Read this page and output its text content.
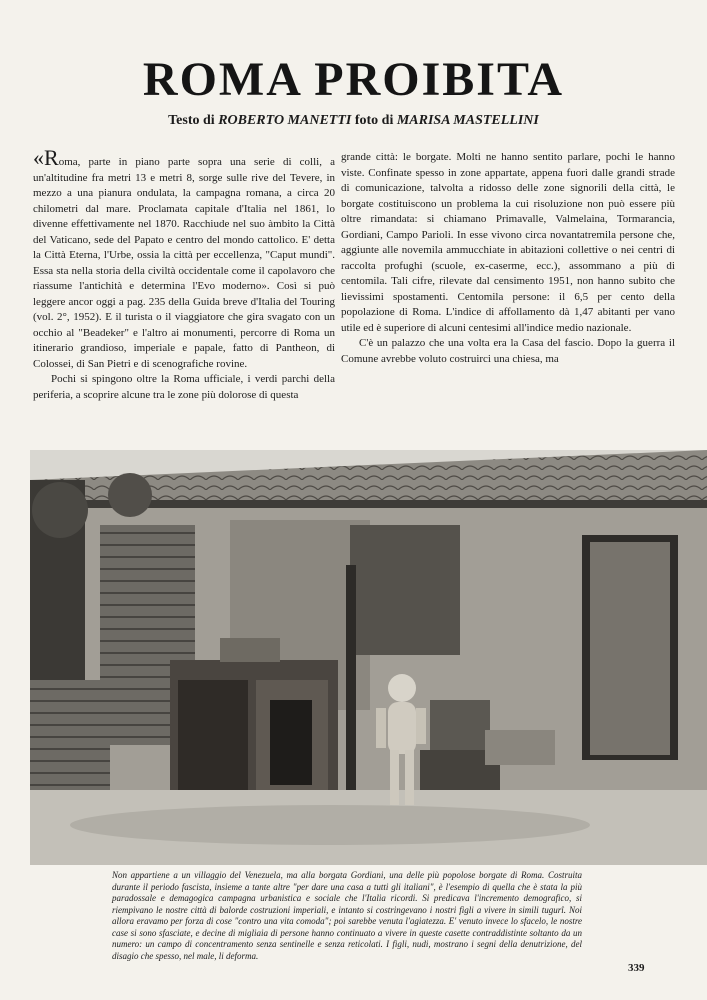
ROMA PROIBITA
Testo di ROBERTO MANETTI foto di MARISA MASTELLINI

«Roma, parte in piano parte sopra una serie di colli, a un'altitudine fra metri 13 e metri 8, sorge sulle rive del Tevere, in mezzo a una pianura ondulata, la campagna romana, a circa 20 chilometri dal mare. Proclamata capitale d'Italia nel 1861, lo divenne effettivamente nel 1870. Racchiude nel suo àmbito la Città del Vaticano, sede del Papato e centro del mondo cattolico. E' detta la Città Eterna, l'Urbe, ossia la città per eccellenza, "Caput mundi". Essa sta nella storia della civiltà occidentale come il capolavoro che riassume l'antichità e determina l'Evo moderno». Così si può leggere ancor oggi a pag. 235 della Guida breve d'Italia del Touring (vol. 2°, 1952). E il turista o il viaggiatore che gira svagato con un occhio al "Beadeker" e l'altro ai monumenti, percorre di Roma un itinerario grandioso, imperiale e papale, fatto di Pantheon, di Colossei, di San Pietri e di scenografiche rovine.

Pochi si spingono oltre la Roma ufficiale, i verdi parchi della periferia, a scoprire alcune tra le zone più dolorose di questa

grande città: le borgate. Molti ne hanno sentito parlare, pochi le hanno viste. Confinate spesso in zone appartate, appena fuori dalle grandi strade di comunicazione, talvolta a ridosso delle zone signorili della città, le borgate costituiscono un problema la cui risoluzione non può essere più oltre rimandata: si chiamano Primavalle, Valmelaina, Tormarancia, Gordiani, Campo Parioli. In esse vivono circa novantatremila persone che, aggiunte alle novemila ammucchiate in abitazioni collettive o nei centri di raccolta profughi (scuole, ex-caserme, ecc.), assommano a più di centomila. Tali cifre, rilevate dal censimento 1951, non hanno subito che lievissimi spostamenti. Centomila persone: il 6,5 per cento della popolazione di Roma. L'indice di affollamento dà 1,47 abitanti per vano utile ed è superiore di alcuni centesimi all'indice medio nazionale.

C'è un palazzo che una volta era la Casa del fascio. Dopo la guerra il Comune avrebbe voluto costruirci una chiesa, ma

Non appartiene a un villaggio del Venezuela, ma alla borgata Gordiani, una delle più popolose borgate di Roma. Costruita durante il periodo fascista, insieme a tante altre "per dare una casa a tutti gli italiani", è l'esempio di quella che è stata la più paradossale e demagogica campagna urbanistica e sociale che l'Italia ricordi. Si predicava l'incremento demografico, si riempivano le nostre città di balorde costruzioni imperiali, e intanto si costringevano i nostri figli a vivere in simili tugurî. Noi allora eravamo per forza di cose "contro una vita comoda"; poi sarebbe venuta l'agiatezza. E' venuto invece lo sfacelo, le nostre case si sono sfasciate, e decine di migliaia di persone hanno continuato a vivere in queste casette contraddistinte soltanto da un numero: un campo di concentramento senza sentinelle e senza reticolati. I figli, nudi, mostrano i segni della denutrizione, del disagio che spesso, nel male, li deforma.
339
